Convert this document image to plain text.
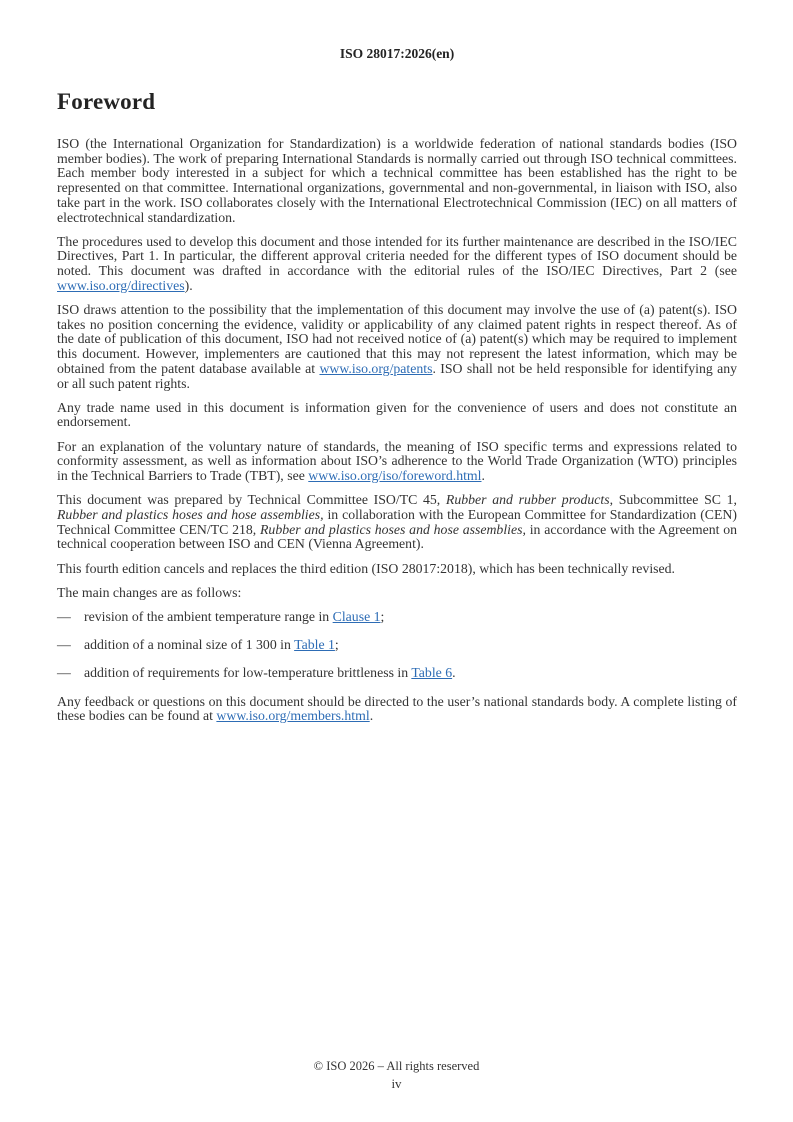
ISO 28017:2026(en)
Foreword

ISO (the International Organization for Standardization) is a worldwide federation of national standards bodies (ISO member bodies). The work of preparing International Standards is normally carried out through ISO technical committees. Each member body interested in a subject for which a technical committee has been established has the right to be represented on that committee. International organizations, governmental and non-governmental, in liaison with ISO, also take part in the work. ISO collaborates closely with the International Electrotechnical Commission (IEC) on all matters of electrotechnical standardization.

The procedures used to develop this document and those intended for its further maintenance are described in the ISO/IEC Directives, Part 1. In particular, the different approval criteria needed for the different types of ISO document should be noted. This document was drafted in accordance with the editorial rules of the ISO/IEC Directives, Part 2 (see www.iso.org/directives).

ISO draws attention to the possibility that the implementation of this document may involve the use of (a) patent(s). ISO takes no position concerning the evidence, validity or applicability of any claimed patent rights in respect thereof. As of the date of publication of this document, ISO had not received notice of (a) patent(s) which may be required to implement this document. However, implementers are cautioned that this may not represent the latest information, which may be obtained from the patent database available at www.iso.org/patents. ISO shall not be held responsible for identifying any or all such patent rights.

Any trade name used in this document is information given for the convenience of users and does not constitute an endorsement.

For an explanation of the voluntary nature of standards, the meaning of ISO specific terms and expressions related to conformity assessment, as well as information about ISO’s adherence to the World Trade Organization (WTO) principles in the Technical Barriers to Trade (TBT), see www.iso.org/iso/foreword.html.

This document was prepared by Technical Committee ISO/TC 45, Rubber and rubber products, Subcommittee SC 1, Rubber and plastics hoses and hose assemblies, in collaboration with the European Committee for Standardization (CEN) Technical Committee CEN/TC 218, Rubber and plastics hoses and hose assemblies, in accordance with the Agreement on technical cooperation between ISO and CEN (Vienna Agreement).

This fourth edition cancels and replaces the third edition (ISO 28017:2018), which has been technically revised.

The main changes are as follows:

— revision of the ambient temperature range in Clause 1;
— addition of a nominal size of 1 300 in Table 1;
— addition of requirements for low-temperature brittleness in Table 6.

Any feedback or questions on this document should be directed to the user’s national standards body. A complete listing of these bodies can be found at www.iso.org/members.html.

© ISO 2026 – All rights reserved
iv
